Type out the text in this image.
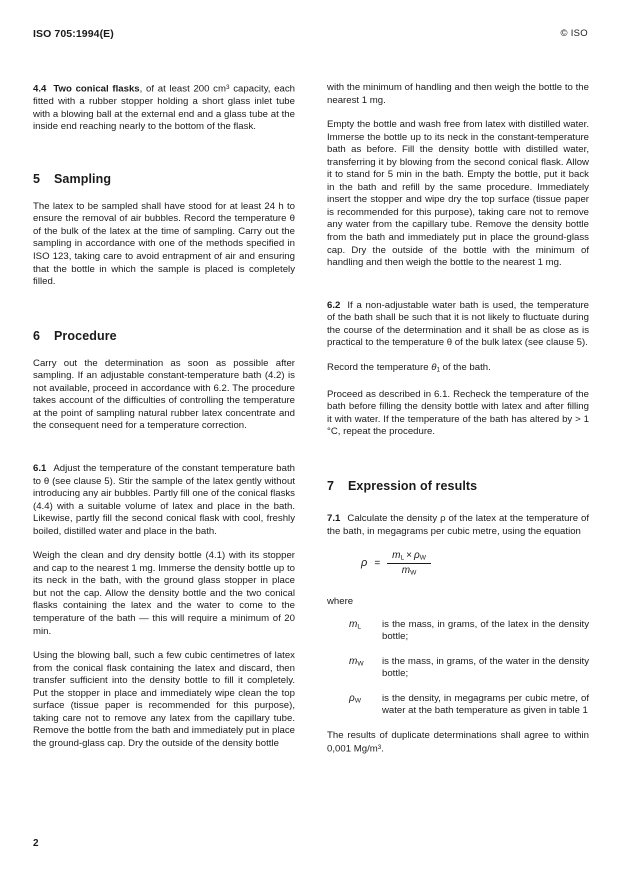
ISO 705:1994(E)	© ISO

4.4 Two conical flasks, of at least 200 $cm^3$ capacity, each fitted with a rubber stopper holding a short glass inlet tube with a blowing ball at the external end and a glass tube at the inside end reaching nearly to the bottom of the flask.

5 Sampling

The latex to be sampled shall have stood for at least 24 h to ensure the removal of air bubbles. Record the temperature θ of the bulk of the latex at the time of sampling. Carry out the sampling in accordance with one of the methods specified in ISO 123, taking care to avoid entrapment of air and ensuring that the bottle in which the sample is placed is completely filled.

6 Procedure

Carry out the determination as soon as possible after sampling. If an adjustable constant-temperature bath (4.2) is not available, proceed in accordance with 6.2. The procedure takes account of the difficulties of controlling the temperature at the point of sampling natural rubber latex concentrate and the consequent need for a temperature correction.

6.1 Adjust the temperature of the constant temperature bath to θ (see clause 5). Stir the sample of the latex gently without introducing any air bubbles. Partly fill one of the conical flasks (4.4) with a suitable volume of latex and place in the bath. Likewise, partly fill the second conical flask with cool, freshly boiled, distilled water and place in the bath.

Weigh the clean and dry density bottle (4.1) with its stopper and cap to the nearest 1 mg. Immerse the density bottle up to its neck in the bath, with the ground glass stopper in place but not the cap. Allow the density bottle and the two conical flasks containing the latex and the water to come to the temperature of the bath — this will require a minimum of 20 min.

Using the blowing ball, such a few cubic centimetres of latex from the conical flask containing the latex and discard, then transfer sufficient into the density bottle to fill it completely. Put the stopper in place and immediately wipe clean the top surface (tissue paper is recommended for this purpose), taking care not to remove any latex from the capillary tube. Remove the bottle from the bath and immediately put in place the ground-glass cap. Dry the outside of the density bottle

with the minimum of handling and then weigh the bottle to the nearest 1 mg.

Empty the bottle and wash free from latex with distilled water. Immerse the bottle up to its neck in the constant-temperature bath as before. Fill the density bottle with distilled water, transferring it by blowing from the second conical flask. Allow it to stand for 5 min in the bath. Empty the bottle, put it back in the bath and refill by the same procedure. Immediately insert the stopper and wipe dry the top surface (tissue paper is recommended for this purpose), taking care not to remove any water from the capillary tube. Remove the density bottle from the bath and immediately put in place the ground-glass cap. Dry the outside of the bottle with the minimum of handling and then weigh the bottle to the nearest 1 mg.

6.2 If a non-adjustable water bath is used, the temperature of the bath shall be such that it is not likely to fluctuate during the course of the determination and it shall be as close as is practical to the temperature θ of the bulk latex (see clause 5).

Record the temperature $\theta_1$ of the bath.

Proceed as described in 6.1. Recheck the temperature of the bath before filling the density bottle with latex and after filling it with water. If the temperature of the bath has altered by > 1 °C, repeat the procedure.

7 Expression of results

7.1 Calculate the density ρ of the latex at the temperature of the bath, in megagrams per cubic metre, using the equation

$\rho = \frac{m_L \times \rho_W}{m_W}$

where

$m_L$ is the mass, in grams, of the latex in the density bottle;
$m_W$ is the mass, in grams, of the water in the density bottle;
$\rho_W$ is the density, in megagrams per cubic metre, of water at the bath temperature as given in table 1

The results of duplicate determinations shall agree to within 0,001 $Mg/m^3$.

2
